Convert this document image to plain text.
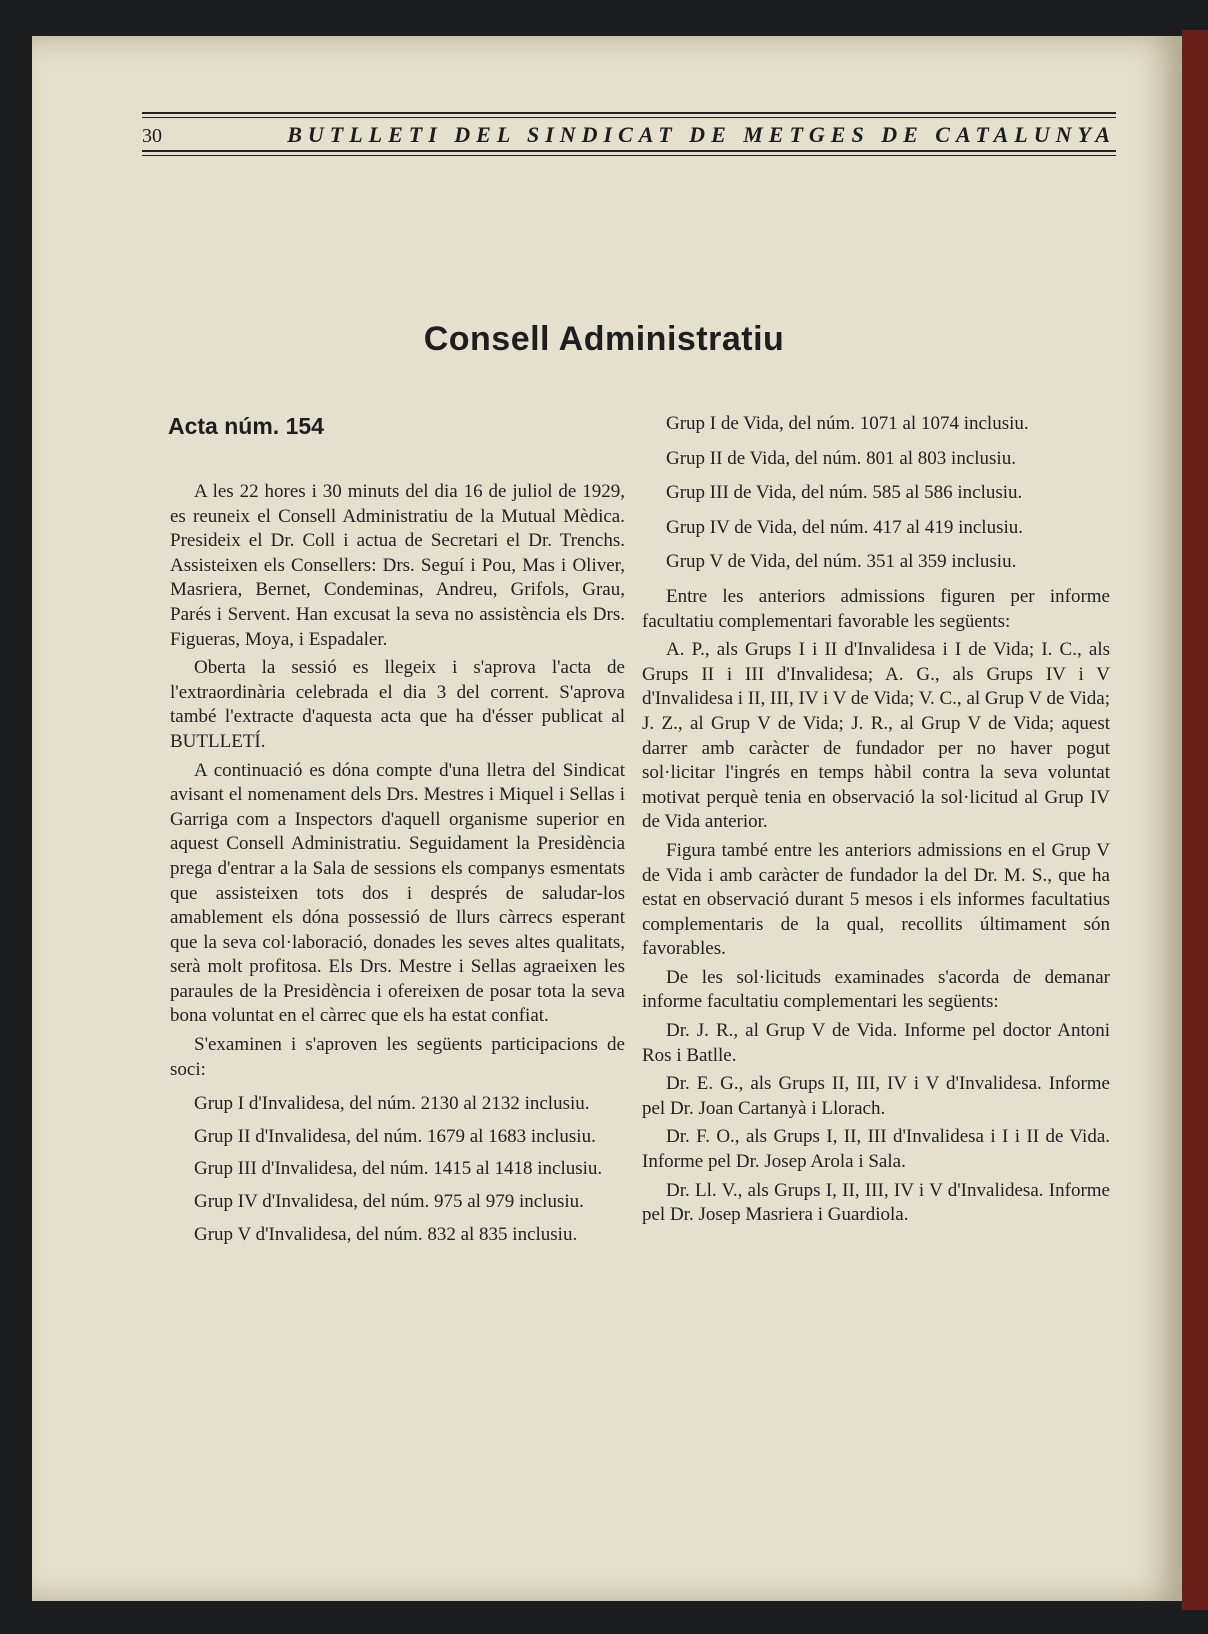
30	BUTLLETI DEL SINDICAT DE METGES DE CATALUNYA
Consell Administratiu
Acta núm. 154

A les 22 hores i 30 minuts del dia 16 de juliol de 1929, es reuneix el Consell Administratiu de la Mutual Mèdica. Presideix el Dr. Coll i actua de Secretari el Dr. Trenchs. Assisteixen els Consellers: Drs. Seguí i Pou, Mas i Oliver, Masriera, Bernet, Condeminas, Andreu, Grifols, Grau, Parés i Servent. Han excusat la seva no assistència els Drs. Figueras, Moya, i Espadaler.

Oberta la sessió es llegeix i s'aprova l'acta de l'extraordinària celebrada el dia 3 del corrent. S'aprova també l'extracte d'aquesta acta que ha d'ésser publicat al BUTLLETÍ.

A continuació es dóna compte d'una lletra del Sindicat avisant el nomenament dels Drs. Mestres i Miquel i Sellas i Garriga com a Inspectors d'aquell organisme superior en aquest Consell Administratiu. Seguidament la Presidència prega d'entrar a la Sala de sessions els companys esmentats que assisteixen tots dos i després de saludar-los amablement els dóna possessió de llurs càrrecs esperant que la seva col·laboració, donades les seves altes qualitats, serà molt profitosa. Els Drs. Mestre i Sellas agraeixen les paraules de la Presidència i ofereixen de posar tota la seva bona voluntat en el càrrec que els ha estat confiat.

S'examinen i s'aproven les següents participacions de soci:

Grup I d'Invalidesa, del núm. 2130 al 2132 inclusiu.

Grup II d'Invalidesa, del núm. 1679 al 1683 inclusiu.

Grup III d'Invalidesa, del núm. 1415 al 1418 inclusiu.

Grup IV d'Invalidesa, del núm. 975 al 979 inclusiu.

Grup V d'Invalidesa, del núm. 832 al 835 inclusiu.

Grup I de Vida, del núm. 1071 al 1074 inclusiu.

Grup II de Vida, del núm. 801 al 803 inclusiu.

Grup III de Vida, del núm. 585 al 586 inclusiu.

Grup IV de Vida, del núm. 417 al 419 inclusiu.

Grup V de Vida, del núm. 351 al 359 inclusiu.

Entre les anteriors admissions figuren per informe facultatiu complementari favorable les següents:

A. P., als Grups I i II d'Invalidesa i I de Vida; I. C., als Grups II i III d'Invalidesa; A. G., als Grups IV i V d'Invalidesa i II, III, IV i V de Vida; V. C., al Grup V de Vida; J. Z., al Grup V de Vida; J. R., al Grup V de Vida; aquest darrer amb caràcter de fundador per no haver pogut sol·licitar l'ingrés en temps hàbil contra la seva voluntat motivat perquè tenia en observació la sol·licitud al Grup IV de Vida anterior.

Figura també entre les anteriors admissions en el Grup V de Vida i amb caràcter de fundador la del Dr. M. S., que ha estat en observació durant 5 mesos i els informes facultatius complementaris de la qual, recollits últimament són favorables.

De les sol·licituds examinades s'acorda de demanar informe facultatiu complementari les següents:

Dr. J. R., al Grup V de Vida. Informe pel doctor Antoni Ros i Batlle.

Dr. E. G., als Grups II, III, IV i V d'Invalidesa. Informe pel Dr. Joan Cartanyà i Llorach.

Dr. F. O., als Grups I, II, III d'Invalidesa i I i II de Vida. Informe pel Dr. Josep Arola i Sala.

Dr. Ll. V., als Grups I, II, III, IV i V d'Invalidesa. Informe pel Dr. Josep Masriera i Guardiola.
